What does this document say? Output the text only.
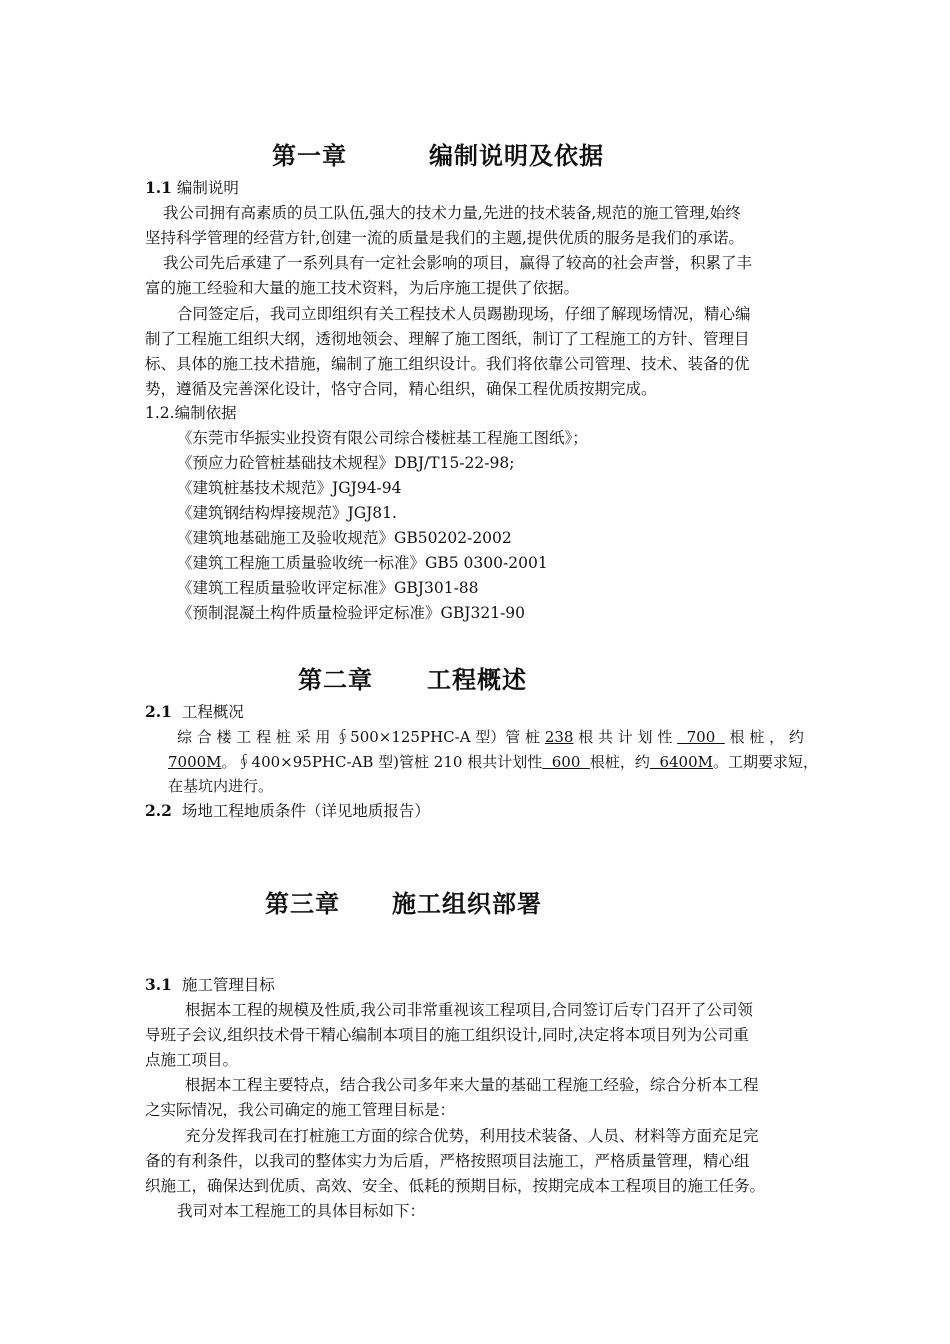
第一章	编制说明及依据
1.1 编制说明
我公司拥有高素质的员工队伍,强大的技术力量,先进的技术装备,规范的施工管理,始终
坚持科学管理的经营方针,创建一流的质量是我们的主题,提供优质的服务是我们的承诺。
我公司先后承建了一系列具有一定社会影响的项目，赢得了较高的社会声誉，积累了丰
富的施工经验和大量的施工技术资料，为后序施工提供了依据。
合同签定后，我司立即组织有关工程技术人员踢勘现场，仔细了解现场情况，精心编
制了工程施工组织大纲，透彻地领会、理解了施工图纸，制订了工程施工的方针、管理目
标、具体的施工技术措施，编制了施工组织设计。我们将依靠公司管理、技术、装备的优
势，遵循及完善深化设计，恪守合同，精心组织，确保工程优质按期完成。
1.2.编制依据
《东莞市华振实业投资有限公司综合楼桩基工程施工图纸》；
《预应力砼管桩基础技术规程》DBJ/T15-22-98;
《建筑桩基技术规范》JGJ94-94
《建筑钢结构焊接规范》JGJ81.
《建筑地基础施工及验收规范》GB50202-2002
《建筑工程施工质量验收统一标准》GB5 0300-2001
《建筑工程质量验收评定标准》GBJ301-88
《预制混凝土构件质量检验评定标准》GBJ321-90
第二章 工程概述
2.1 工程概况
综 合 楼 工 程 桩 采 用 ∮500×125PHC-A 型）管 桩 238 根 共 计 划 性   700   根 桩 ， 约
7000M。∮400×95PHC-AB 型)管桩 210 根共计划性  600  根桩，约  6400M。工期要求短，
在基坑内进行。
2.2 场地工程地质条件（详见地质报告）
第三章 施工组织部署
3.1 施工管理目标
根据本工程的规模及性质,我公司非常重视该工程项目,合同签订后专门召开了公司领
导班子会议,组织技术骨干精心编制本项目的施工组织设计,同时,决定将本项目列为公司重
点施工项目。
根据本工程主要特点，结合我公司多年来大量的基础工程施工经验，综合分析本工程
之实际情况，我公司确定的施工管理目标是：
充分发挥我司在打桩施工方面的综合优势，利用技术装备、人员、材料等方面充足完
备的有利条件，以我司的整体实力为后盾，严格按照项目法施工，严格质量管理，精心组
织施工，确保达到优质、高效、安全、低耗的预期目标，按期完成本工程项目的施工任务。
我司对本工程施工的具体目标如下：
